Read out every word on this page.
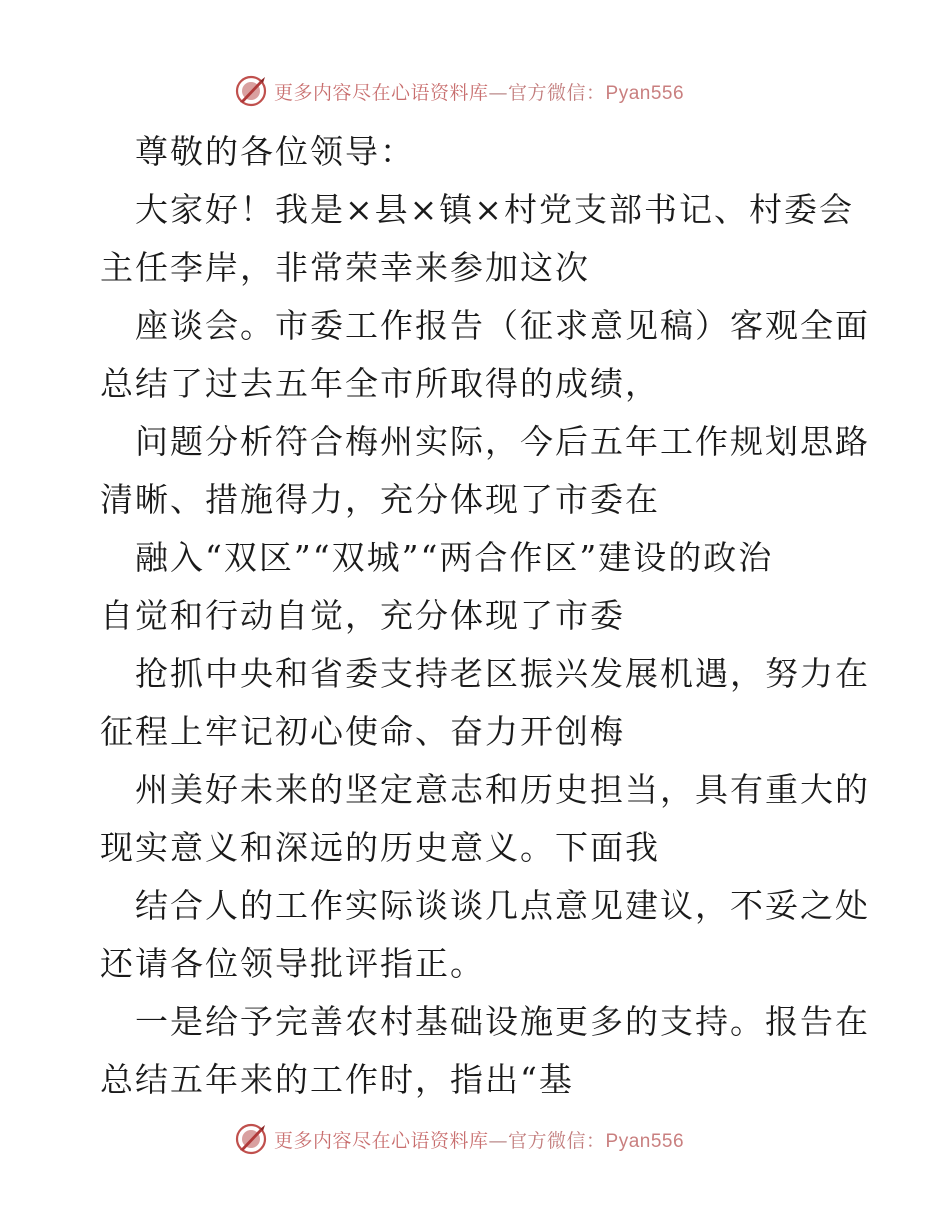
更多内容尽在心语资料库—官方微信：Pyan556
尊敬的各位领导：
大家好！我是×县×镇×村党支部书记、村委会
主任李岸，非常荣幸来参加这次
座谈会。市委工作报告（征求意见稿）客观全面
总结了过去五年全市所取得的成绩，
问题分析符合梅州实际，今后五年工作规划思路
清晰、措施得力，充分体现了市委在
融入“双区”“双城”“两合作区”建设的政治
自觉和行动自觉，充分体现了市委
抢抓中央和省委支持老区振兴发展机遇，努力在
征程上牢记初心使命、奋力开创梅
州美好未来的坚定意志和历史担当，具有重大的
现实意义和深远的历史意义。下面我
结合人的工作实际谈谈几点意见建议，不妥之处
还请各位领导批评指正。
一是给予完善农村基础设施更多的支持。报告在
总结五年来的工作时，指出“基
更多内容尽在心语资料库—官方微信：Pyan556
